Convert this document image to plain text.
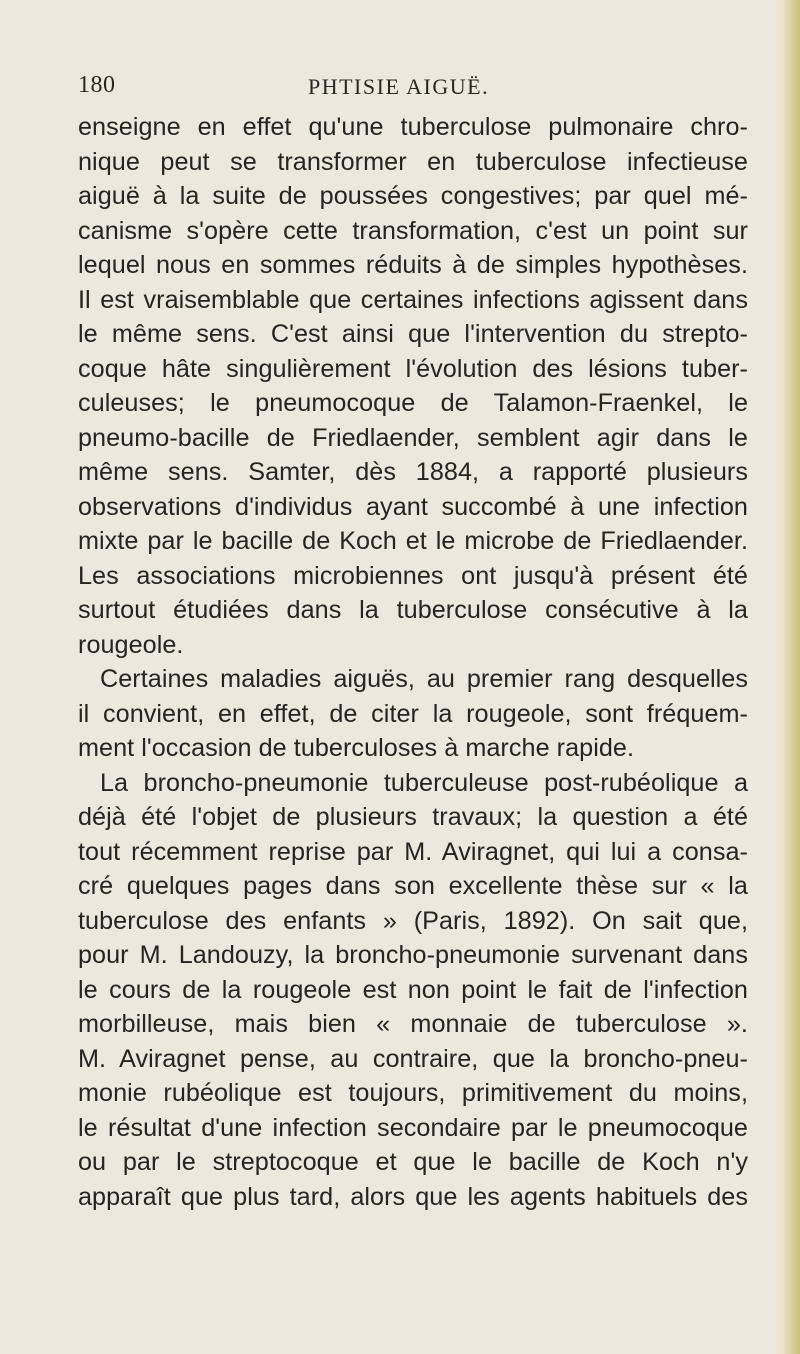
180	PHTISIE AIGUË.
enseigne en effet qu'une tuberculose pulmonaire chro-
nique peut se transformer en tuberculose infectieuse
aiguë à la suite de poussées congestives; par quel mé-
canisme s'opère cette transformation, c'est un point sur
lequel nous en sommes réduits à de simples hypothèses.
Il est vraisemblable que certaines infections agissent dans
le même sens. C'est ainsi que l'intervention du strepto-
coque hâte singulièrement l'évolution des lésions tuber-
culeuses; le pneumocoque de Talamon-Fraenkel, le
pneumo-bacille de Friedlaender, semblent agir dans le
même sens. Samter, dès 1884, a rapporté plusieurs
observations d'individus ayant succombé à une infection
mixte par le bacille de Koch et le microbe de Friedlaender.
Les associations microbiennes ont jusqu'à présent été
surtout étudiées dans la tuberculose consécutive à la
rougeole.
Certaines maladies aiguës, au premier rang desquelles
il convient, en effet, de citer la rougeole, sont fréquem-
ment l'occasion de tuberculoses à marche rapide.
La broncho-pneumonie tuberculeuse post-rubéolique a
déjà été l'objet de plusieurs travaux; la question a été
tout récemment reprise par M. Aviragnet, qui lui a consa-
cré quelques pages dans son excellente thèse sur « la
tuberculose des enfants » (Paris, 1892). On sait que,
pour M. Landouzy, la broncho-pneumonie survenant dans
le cours de la rougeole est non point le fait de l'infection
morbilleuse, mais bien « monnaie de tuberculose ».
M. Aviragnet pense, au contraire, que la broncho-pneu-
monie rubéolique est toujours, primitivement du moins,
le résultat d'une infection secondaire par le pneumocoque
ou par le streptocoque et que le bacille de Koch n'y
apparaît que plus tard, alors que les agents habituels des
